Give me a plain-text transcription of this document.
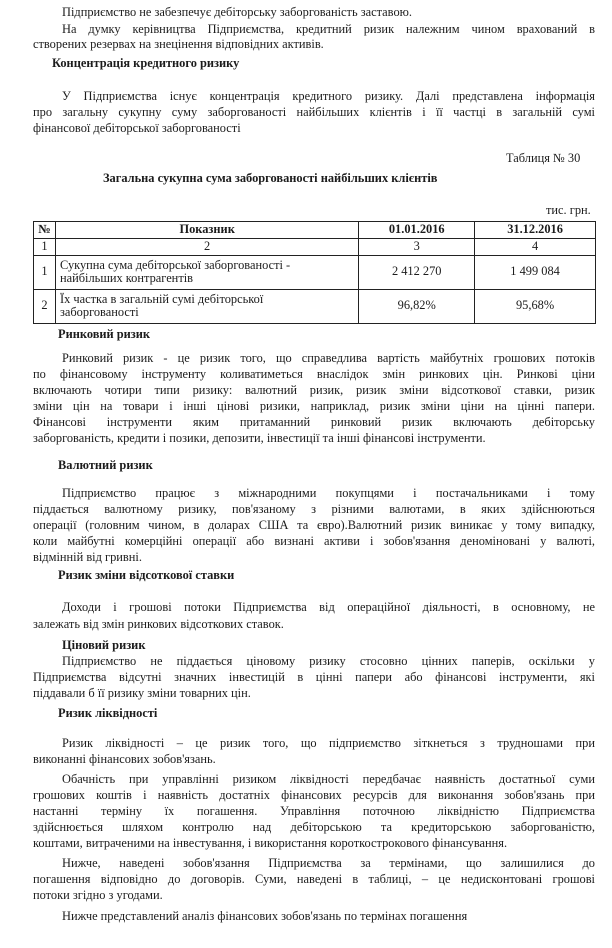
Підприємство не забезпечує дебіторську заборгованість заставою.
На думку керівництва Підприємства, кредитний ризик належним чином врахований в
створених резервах на знецінення відповідних активів.
Концентрація кредитного ризику
У Підприємства існує концентрація кредитного ризику. Далі представлена інформація
про загальну сукупну суму заборгованості найбільших клієнтів і її частці в загальній сумі
фінансової дебіторської заборгованості
Таблиця № 30
Загальна сукупна сума заборгованості найбільших клієнтів
тис. грн.
№	Показник	01.01.2016	31.12.2016
1	2	3	4
1	Сукупна сума дебіторської заборгованості -
найбільших контрагентів	2 412 270	1 499 084
2	Їх частка в загальній сумі дебіторської
заборгованості	96,82%	95,68%
Ринковий ризик
Ринковий ризик - це ризик того, що справедлива вартість майбутніх грошових потоків
по фінансовому інструменту коливатиметься внаслідок змін ринкових цін. Ринкові ціни
включають чотири типи ризику: валютний ризик, ризик зміни відсоткової ставки, ризик
зміни цін на товари і інші цінові ризики, наприклад, ризик зміни ціни на цінні папери.
Фінансові інструменти яким притаманний ринковий ризик включають дебіторську
заборгованість, кредити і позики, депозити, інвестиції та інші фінансові інструменти.
Валютний ризик
Підприємство працює з міжнародними покупцями і постачальниками і тому
піддається валютному ризику, пов'язаному з різними валютами, в яких здійснюються
операції (головним чином, в доларах США та євро).Валютний ризик виникає у тому випадку,
коли майбутні комерційні операції або визнані активи і зобов'язання деноміновані у валюті,
відмінній від гривні.
Ризик зміни відсоткової ставки
Доходи і грошові потоки Підприємства від операційної діяльності, в основному, не
залежать від змін ринкових відсоткових ставок.
Ціновий ризик
Підприємство не піддається ціновому ризику стосовно цінних паперів, оскільки у
Підприємства відсутні значних інвестицій в цінні папери або фінансові інструменти, які
піддавали б її ризику зміни товарних цін.
Ризик ліквідності
Ризик ліквідності – це ризик того, що підприємство зіткнеться з трудношами при
виконанні фінансових зобов'язань.
Обачність при управлінні ризиком ліквідності передбачає наявність достатньої суми
грошових коштів і наявність достатніх фінансових ресурсів для виконання зобов'язань при
настанні терміну їх погашення. Управління поточною ліквідністю Підприємства
здійснюється шляхом контролю над дебіторською та кредиторською заборгованістю,
коштами, витраченими на інвестування, і використання короткострокового фінансування.
Нижче, наведені зобов'язання Підприємства за термінами, що залишилися до
погашення відповідно до договорів. Суми, наведені в таблиці, – це недисконтовані грошові
потоки згідно з угодами.
Нижче представлений аналіз фінансових зобов'язань по термінах погашення
